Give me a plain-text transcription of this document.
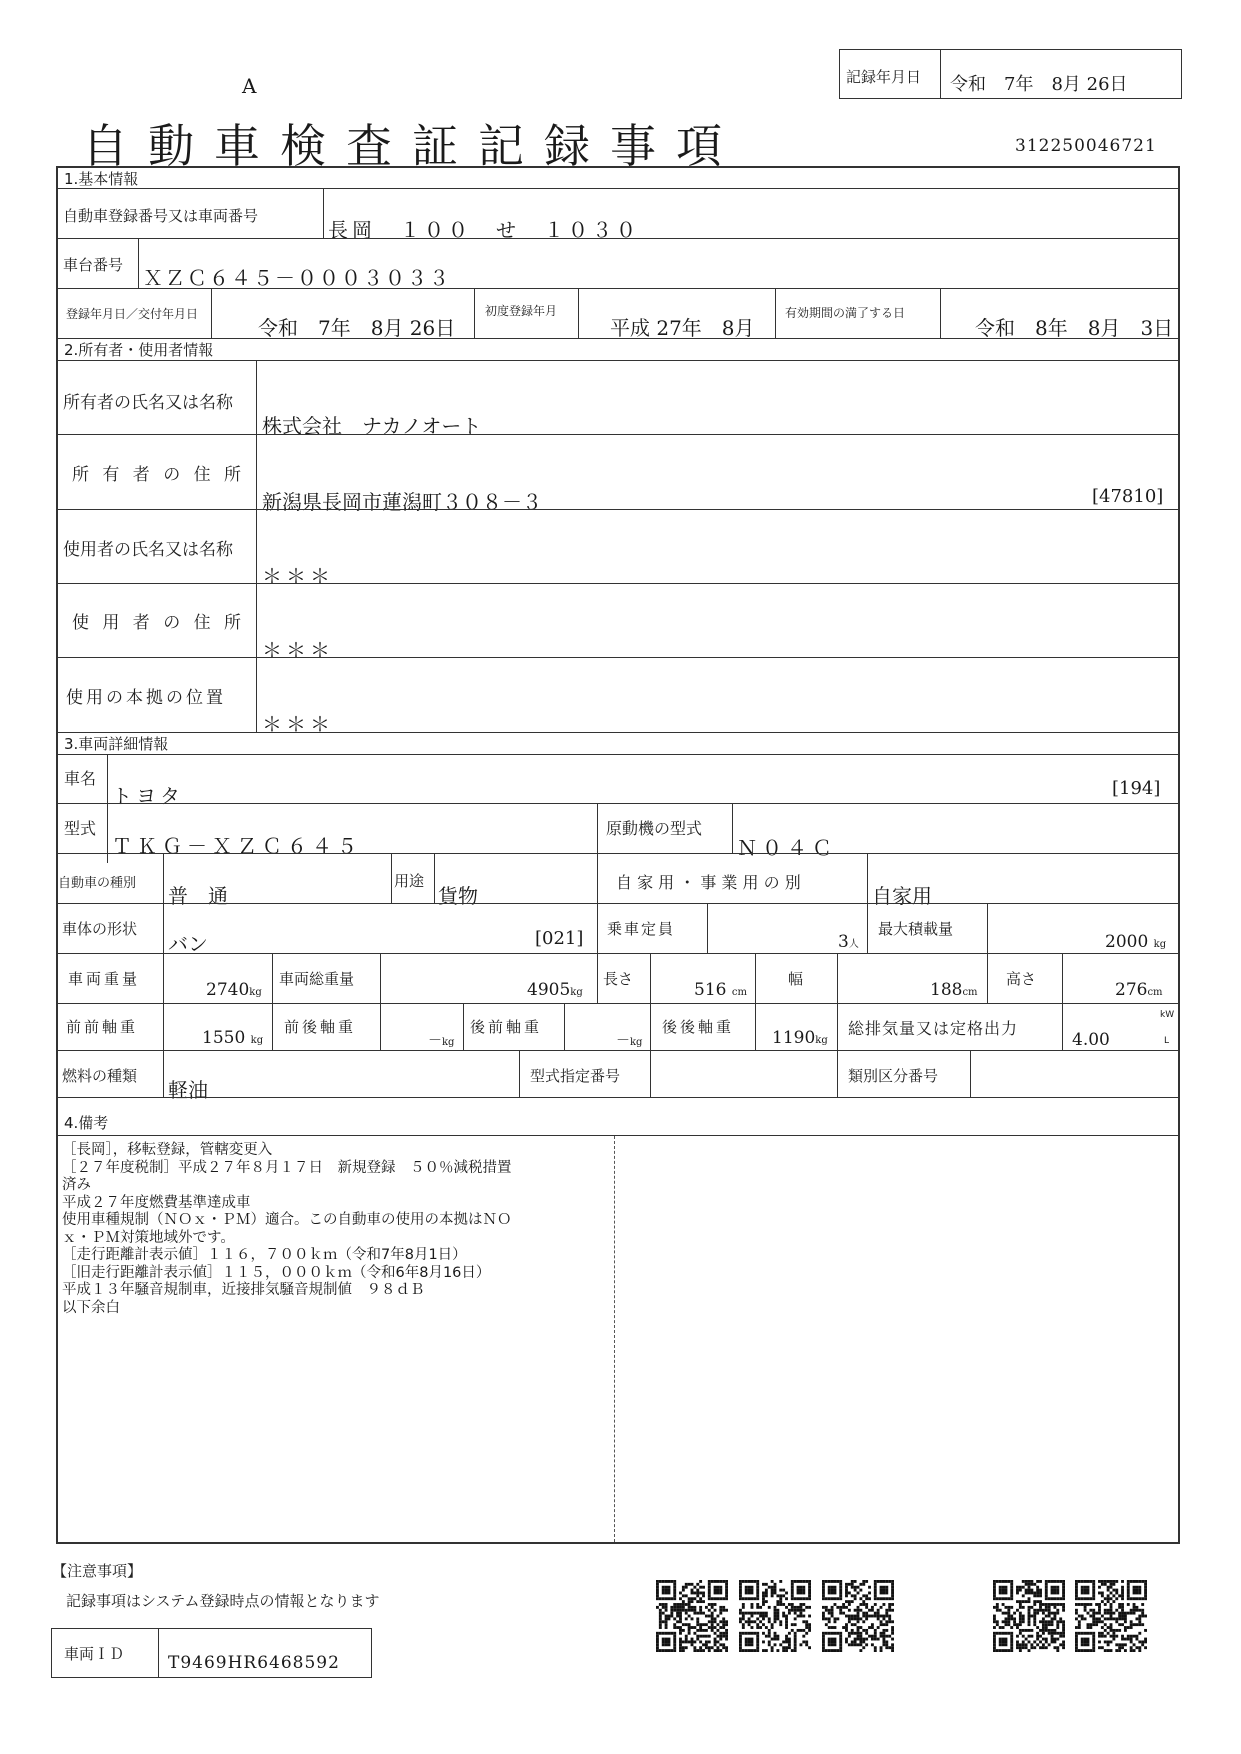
A
自動車検査証記録事項	312250046721
記録年月日 令和　7年　8月 26日
1.基本情報
自動車登録番号又は車両番号
長岡　１００　せ　１０３０
車台番号
ＸＺＣ６４５－０００３０３３
登録年月日／交付年月日
令和　7年　8月 26日
初度登録年月
平成 27年　8月
有効期間の満了する日
令和　8年　8月　3日
2.所有者・使用者情報
所有者の氏名又は名称
株式会社　ナカノオート
所 有 者 の 住 所
新潟県長岡市蓮潟町３０８－３	[47810]
使用者の氏名又は名称
＊＊＊
使 用 者 の 住 所
＊＊＊
使用の本拠の位置
＊＊＊
3.車両詳細情報
車名
トヨタ	[194]
型式
ＴＫＧ－ＸＺＣ６４５
原動機の型式
Ｎ０４Ｃ
自動車の種別
普　通
用途
貨物
自 家 用 ・ 事 業 用 の 別
自家用
車体の形状
バン	[021] 乗車定員
3人
最大積載量
2000 kg
車両重量
2740kg
車両総重量
4905kg
長さ
516 cm
幅
188cm
高さ
276cm
前前軸重
1550 kg
前後軸重
－kg
後前軸重
－kg
後後軸重
1190kg
総排気量又は定格出力
4.00
kW
L
燃料の種類
軽油
型式指定番号	類別区分番号
4.備考
［長岡］，移転登録，管轄変更入
［２７年度税制］平成２７年８月１７日　新規登録　５０％減税措置
済み
平成２７年度燃費基準達成車
使用車種規制（ＮＯｘ・ＰＭ）適合。この自動車の使用の本拠はＮＯ
ｘ・ＰＭ対策地域外です。
［走行距離計表示値］１１６，７００ｋｍ（令和7年8月1日）
［旧走行距離計表示値］１１５，０００ｋｍ（令和6年8月16日）
平成１３年騒音規制車，近接排気騒音規制値　９８ｄＢ
以下余白
【注意事項】
記録事項はシステム登録時点の情報となります
車両ＩＤ	T9469HR6468592
